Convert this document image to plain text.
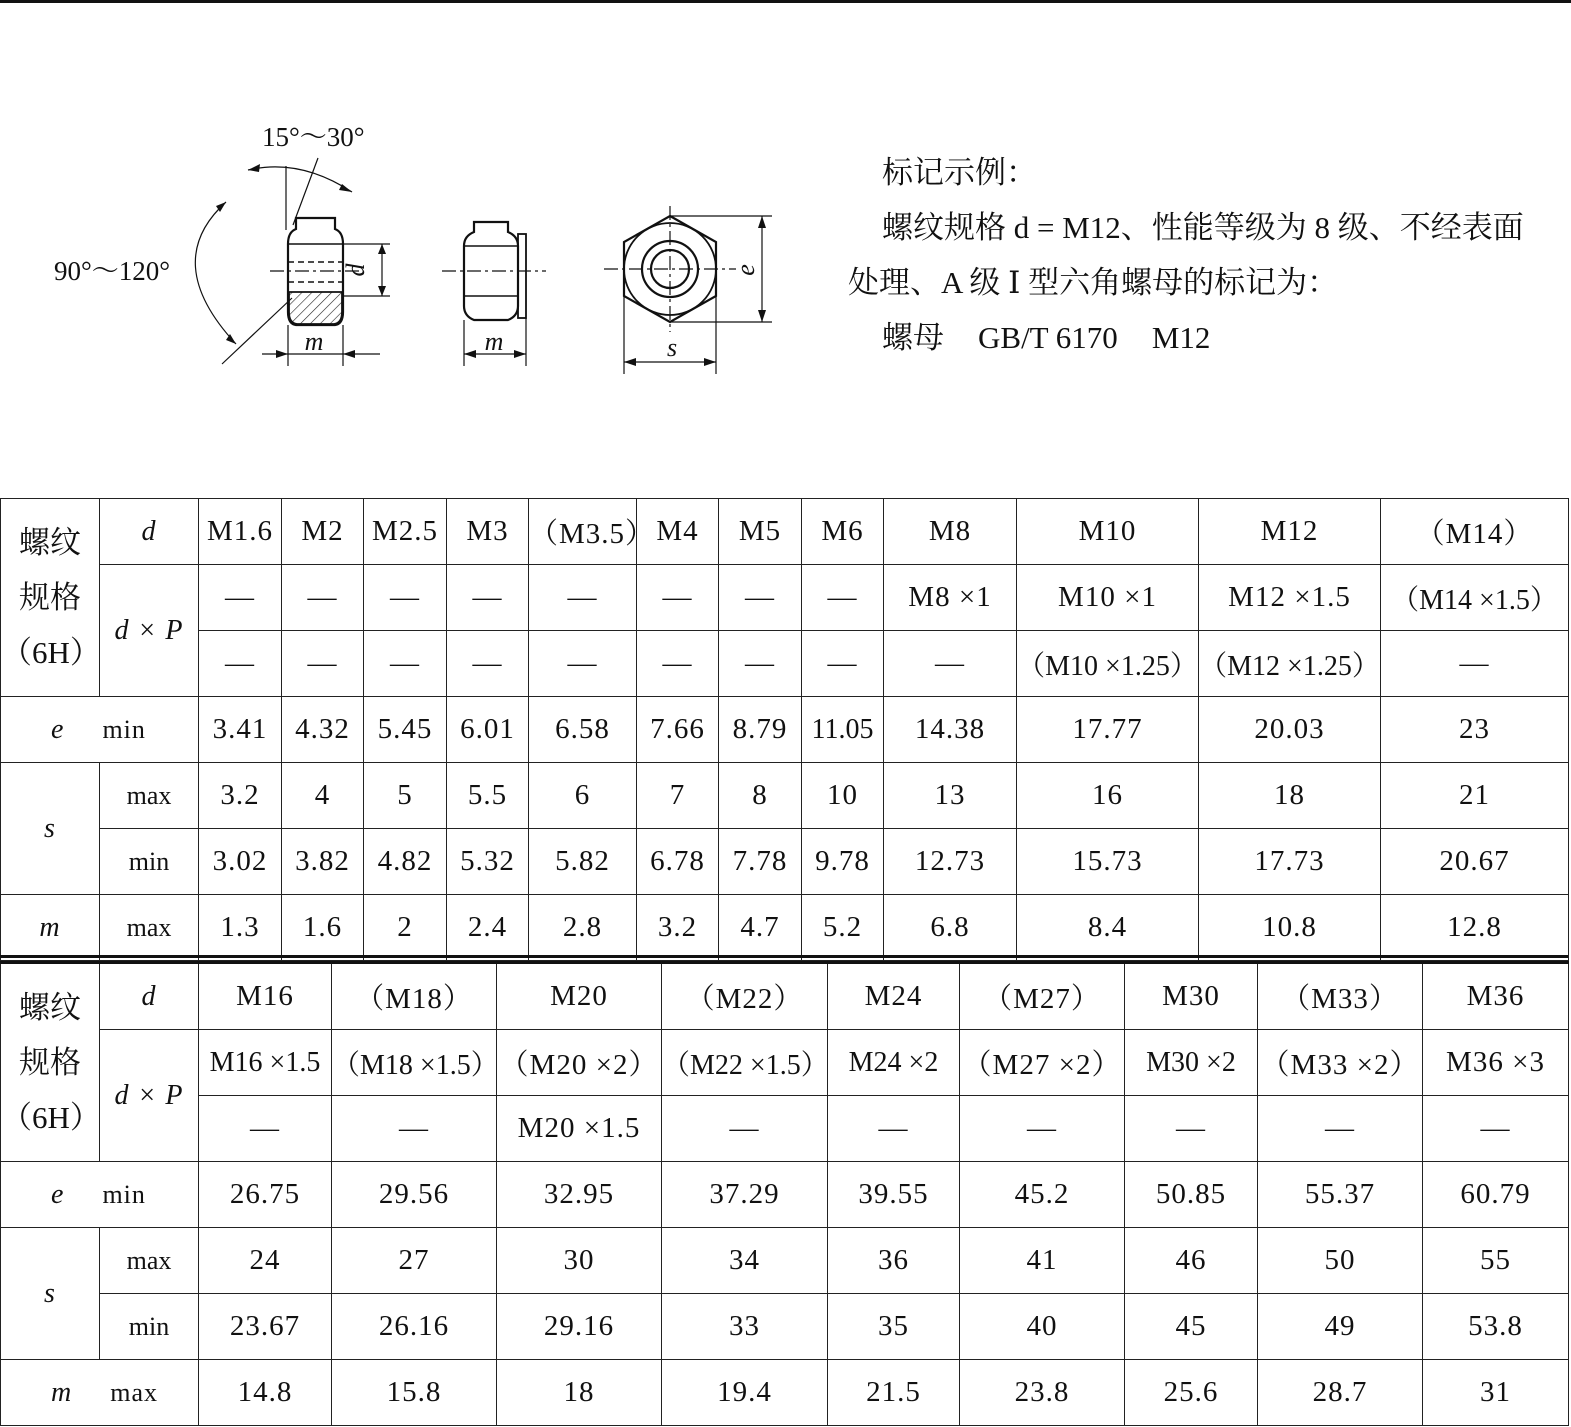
15°～30°
90°～120°	d
m	m
e
s
标记示例：
螺纹规格 d = M12、性能等级为 8 级、不经表面
处理、A 级 Ⅰ 型六角螺母的标记为：
螺母 GB/T 6170 M12
螺纹
规格
（6H）	d	M1.6	M2	M2.5	M3	（M3.5）	M4	M5	M6	M8	M10	M12	（M14）
	d × P	—	—	—	—	—	—	—	—	M8 ×1	M10 ×1	M12 ×1.5	（M14 ×1.5）
		—	—	—	—	—	—	—	—	—	（M10 ×1.25）	（M12 ×1.25）	—
e min		3.41	4.32	5.45	6.01	6.58	7.66	8.79	11.05	14.38	17.77	20.03	23
s	max	3.2	4	5	5.5	6	7	8	10	13	16	18	21
	min	3.02	3.82	4.82	5.32	5.82	6.78	7.78	9.78	12.73	15.73	17.73	20.67
m	max	1.3	1.6	2	2.4	2.8	3.2	4.7	5.2	6.8	8.4	10.8	12.8
螺纹
规格
（6H）	d	M16	（M18）	M20	（M22）	M24	（M27）	M30	（M33）	M36
	d × P	M16 ×1.5	（M18 ×1.5）	（M20 ×2）	（M22 ×1.5）	M24 ×2	（M27 ×2）	M30 ×2	（M33 ×2）	M36 ×3
		—	—	M20 ×1.5	—	—	—	—	—	—
e min		26.75	29.56	32.95	37.29	39.55	45.2	50.85	55.37	60.79
s	max	24	27	30	34	36	41	46	50	55
	min	23.67	26.16	29.16	33	35	40	45	49	53.8
m max		14.8	15.8	18	19.4	21.5	23.8	25.6	28.7	31
